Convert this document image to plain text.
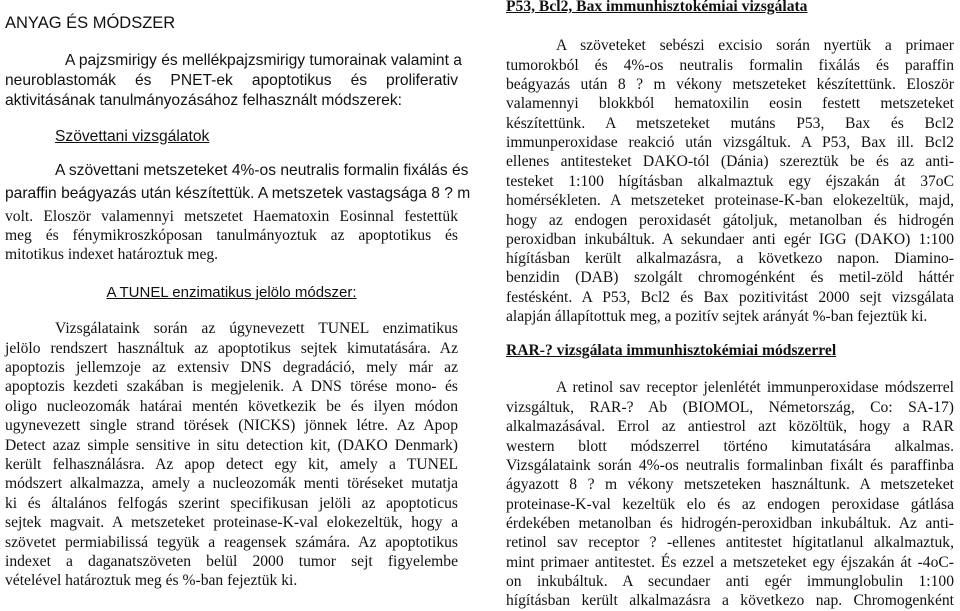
ANYAG ÉS MÓDSZER
A pajzsmirigy és mellékpajzsmirigy tumorainak valamint a
neuroblastomák és PNET-ek apoptotikus és proliferativ
aktivitásának tanulmányozásához felhasznált módszerek:
Szövettani vizsgálatok
A szövettani metszeteket 4%-os neutralis formalin fixálás és
paraffin beágyazás után készítettük. A metszetek vastagsága 8 ? m
volt. Eloször valamennyi metszetet Haematoxin Eosinnal festettük
meg és fénymikroszkóposan tanulmányoztuk az apoptotikus és
mitotikus indexet határoztuk meg.
A TUNEL enzimatikus jelölo módszer:
Vizsgálataink során az úgynevezett TUNEL enzimatikus
jelölo rendszert használtuk az apoptotikus sejtek kimutatására. Az
apoptozis jellemzoje az extensiv DNS degradáció, mely már az
apoptozis kezdeti szakában is megjelenik. A DNS törése mono- és
oligo nucleozomák határai mentén következik be és ilyen módon
ugynevezett single strand törések (NICKS) jönnek létre. Az Apop
Detect azaz simple sensitive in situ detection kit, (DAKO Denmark)
került felhasználásra. Az apop detect egy kit, amely a TUNEL
módszert alkalmazza, amely a nucleozomák menti töréseket mutatja
ki és általános felfogás szerint specifikusan jelöli az apoptoticus
sejtek magvait. A metszeteket proteinase-K-val elokezeltük, hogy a
szövetet permiabilissá tegyük a reagensek számára. Az apoptotikus
indexet a daganatszöveten belül 2000 tumor sejt figyelembe
vételével határoztuk meg és %-ban fejeztük ki.
P53, Bcl2, Bax immunhisztokémiai vizsgálata
A szöveteket sebészi excisio során nyertük a primaer
tumorokból és 4%-os neutralis formalin fixálás és paraffin
beágyazás után 8 ? m vékony metszeteket készítettünk. Eloször
valamennyi blokkból hematoxilin eosin festett metszeteket
készítettünk. A metszeteket mutáns P53, Bax és Bcl2
immunperoxidase reakció után vizsgáltuk. A P53, Bax ill. Bcl2
ellenes antitesteket DAKO-tól (Dánia) szereztük be és az anti-
testeket 1:100 hígításban alkalmaztuk egy éjszakán át 37oC
homérsékleten. A metszeteket proteinase-K-ban elokezeltük, majd,
hogy az endogen peroxidasét gátoljuk, metanolban és hidrogén
peroxidban inkubáltuk. A sekundaer anti egér IGG (DAKO) 1:100
hígításban került alkalmazásra, a következo napon. Diamino-
benzidin (DAB) szolgált chromogénként és metil-zöld háttér
festésként. A P53, Bcl2 és Bax pozitivitást 2000 sejt vizsgálata
alapján állapítottuk meg, a pozitív sejtek arányát %-ban fejeztük ki.
RAR-? vizsgálata immunhisztokémiai módszerrel
A retinol sav receptor jelenlétét immunperoxidase módszerrel
vizsgáltuk, RAR-? Ab (BIOMOL, Németország, Co: SA-17)
alkalmazásával. Errol az antiestrol azt közöltük, hogy a RAR
western blott módszerrel történo kimutatására alkalmas.
Vizsgálataink során 4%-os neutralis formalinban fixált és paraffinba
ágyazott 8 ? m vékony metszeteken használtunk. A metszeteket
proteinase-K-val kezeltük elo és az endogen peroxidase gátlása
érdekében metanolban és hidrogén-peroxidban inkubáltuk. Az anti-
retinol sav receptor ? -ellenes antitestet hígitatlanul alkalmaztuk,
mint primaer antitestet. És ezzel a metszeteket egy éjszakán át -4oC-
on inkubáltuk. A secundaer anti egér immunglobulin 1:100
hígításban került alkalmazásra a következo nap. Chromogenként
